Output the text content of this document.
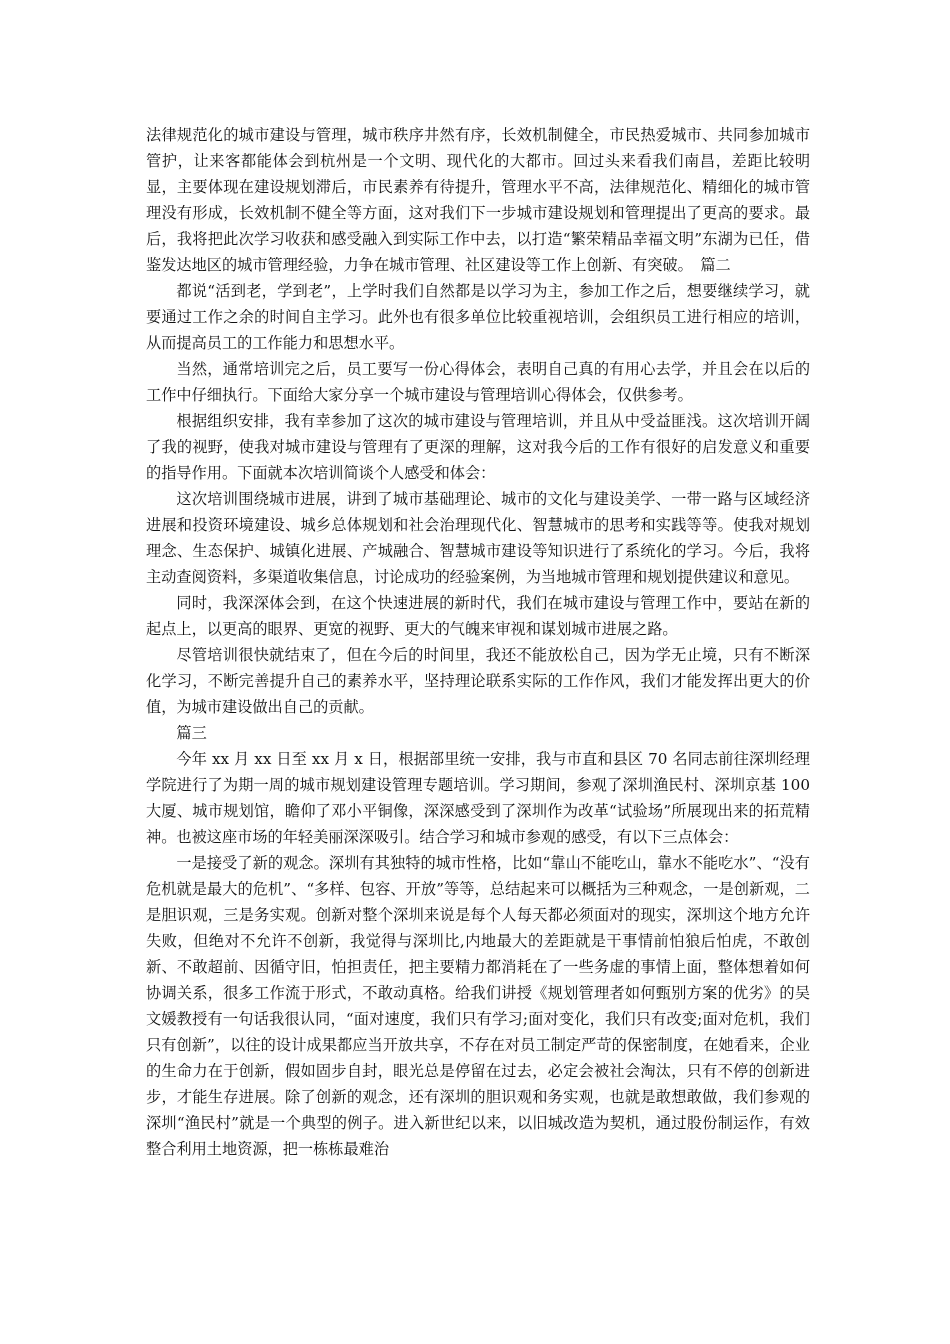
法律规范化的城市建设与管理，城市秩序井然有序，长效机制健全，市民热爱城市、共同参加城市管护，让来客都能体会到杭州是一个文明、现代化的大都市。回过头来看我们南昌，差距比较明显，主要体现在建设规划滞后，市民素养有待提升，管理水平不高，法律规范化、精细化的城市管理没有形成，长效机制不健全等方面，这对我们下一步城市建设规划和管理提出了更高的要求。最后，我将把此次学习收获和感受融入到实际工作中去，以打造“繁荣精品幸福文明”东湖为已任，借鉴发达地区的城市管理经验，力争在城市管理、社区建设等工作上创新、有突破。　篇二

都说“活到老，学到老”，上学时我们自然都是以学习为主，参加工作之后，想要继续学习，就要通过工作之余的时间自主学习。此外也有很多单位比较重视培训，会组织员工进行相应的培训，从而提高员工的工作能力和思想水平。

当然，通常培训完之后，员工要写一份心得体会，表明自己真的有用心去学，并且会在以后的工作中仔细执行。下面给大家分享一个城市建设与管理培训心得体会，仅供参考。

根据组织安排，我有幸参加了这次的城市建设与管理培训，并且从中受益匪浅。这次培训开阔了我的视野，使我对城市建设与管理有了更深的理解，这对我今后的工作有很好的启发意义和重要的指导作用。下面就本次培训简谈个人感受和体会：

这次培训围绕城市进展，讲到了城市基础理论、城市的文化与建设美学、一带一路与区域经济进展和投资环境建设、城乡总体规划和社会治理现代化、智慧城市的思考和实践等等。使我对规划理念、生态保护、城镇化进展、产城融合、智慧城市建设等知识进行了系统化的学习。今后，我将主动查阅资料，多渠道收集信息，讨论成功的经验案例，为当地城市管理和规划提供建议和意见。

同时，我深深体会到，在这个快速进展的新时代，我们在城市建设与管理工作中，要站在新的起点上，以更高的眼界、更宽的视野、更大的气魄来审视和谋划城市进展之路。

尽管培训很快就结束了，但在今后的时间里，我还不能放松自己，因为学无止境，只有不断深化学习，不断完善提升自己的素养水平，坚持理论联系实际的工作作风，我们才能发挥出更大的价值，为城市建设做出自己的贡献。

篇三

今年 xx 月 xx 日至 xx 月 x 日，根据部里统一安排，我与市直和县区 70 名同志前往深圳经理学院进行了为期一周的城市规划建设管理专题培训。学习期间，参观了深圳渔民村、深圳京基 100 大厦、城市规划馆，瞻仰了邓小平铜像，深深感受到了深圳作为改革“试验场”所展现出来的拓荒精神。也被这座市场的年轻美丽深深吸引。结合学习和城市参观的感受，有以下三点体会：

一是接受了新的观念。深圳有其独特的城市性格，比如“靠山不能吃山，靠水不能吃水”、“没有危机就是最大的危机”、“多样、包容、开放”等等，总结起来可以概括为三种观念，一是创新观，二是胆识观，三是务实观。创新对整个深圳来说是每个人每天都必须面对的现实，深圳这个地方允许失败，但绝对不允许不创新，我觉得与深圳比,内地最大的差距就是干事情前怕狼后怕虎，不敢创新、不敢超前、因循守旧，怕担责任，把主要精力都消耗在了一些务虚的事情上面，整体想着如何协调关系，很多工作流于形式，不敢动真格。给我们讲授《规划管理者如何甄别方案的优劣》的吴文媛教授有一句话我很认同，“面对速度，我们只有学习;面对变化，我们只有改变;面对危机，我们只有创新”，以往的设计成果都应当开放共享，不存在对员工制定严苛的保密制度，在她看来，企业的生命力在于创新，假如固步自封，眼光总是停留在过去，必定会被社会淘汰，只有不停的创新进步，才能生存进展。除了创新的观念，还有深圳的胆识观和务实观，也就是敢想敢做，我们参观的深圳“渔民村”就是一个典型的例子。进入新世纪以来，以旧城改造为契机，通过股份制运作，有效整合利用土地资源，把一栋栋最难治
